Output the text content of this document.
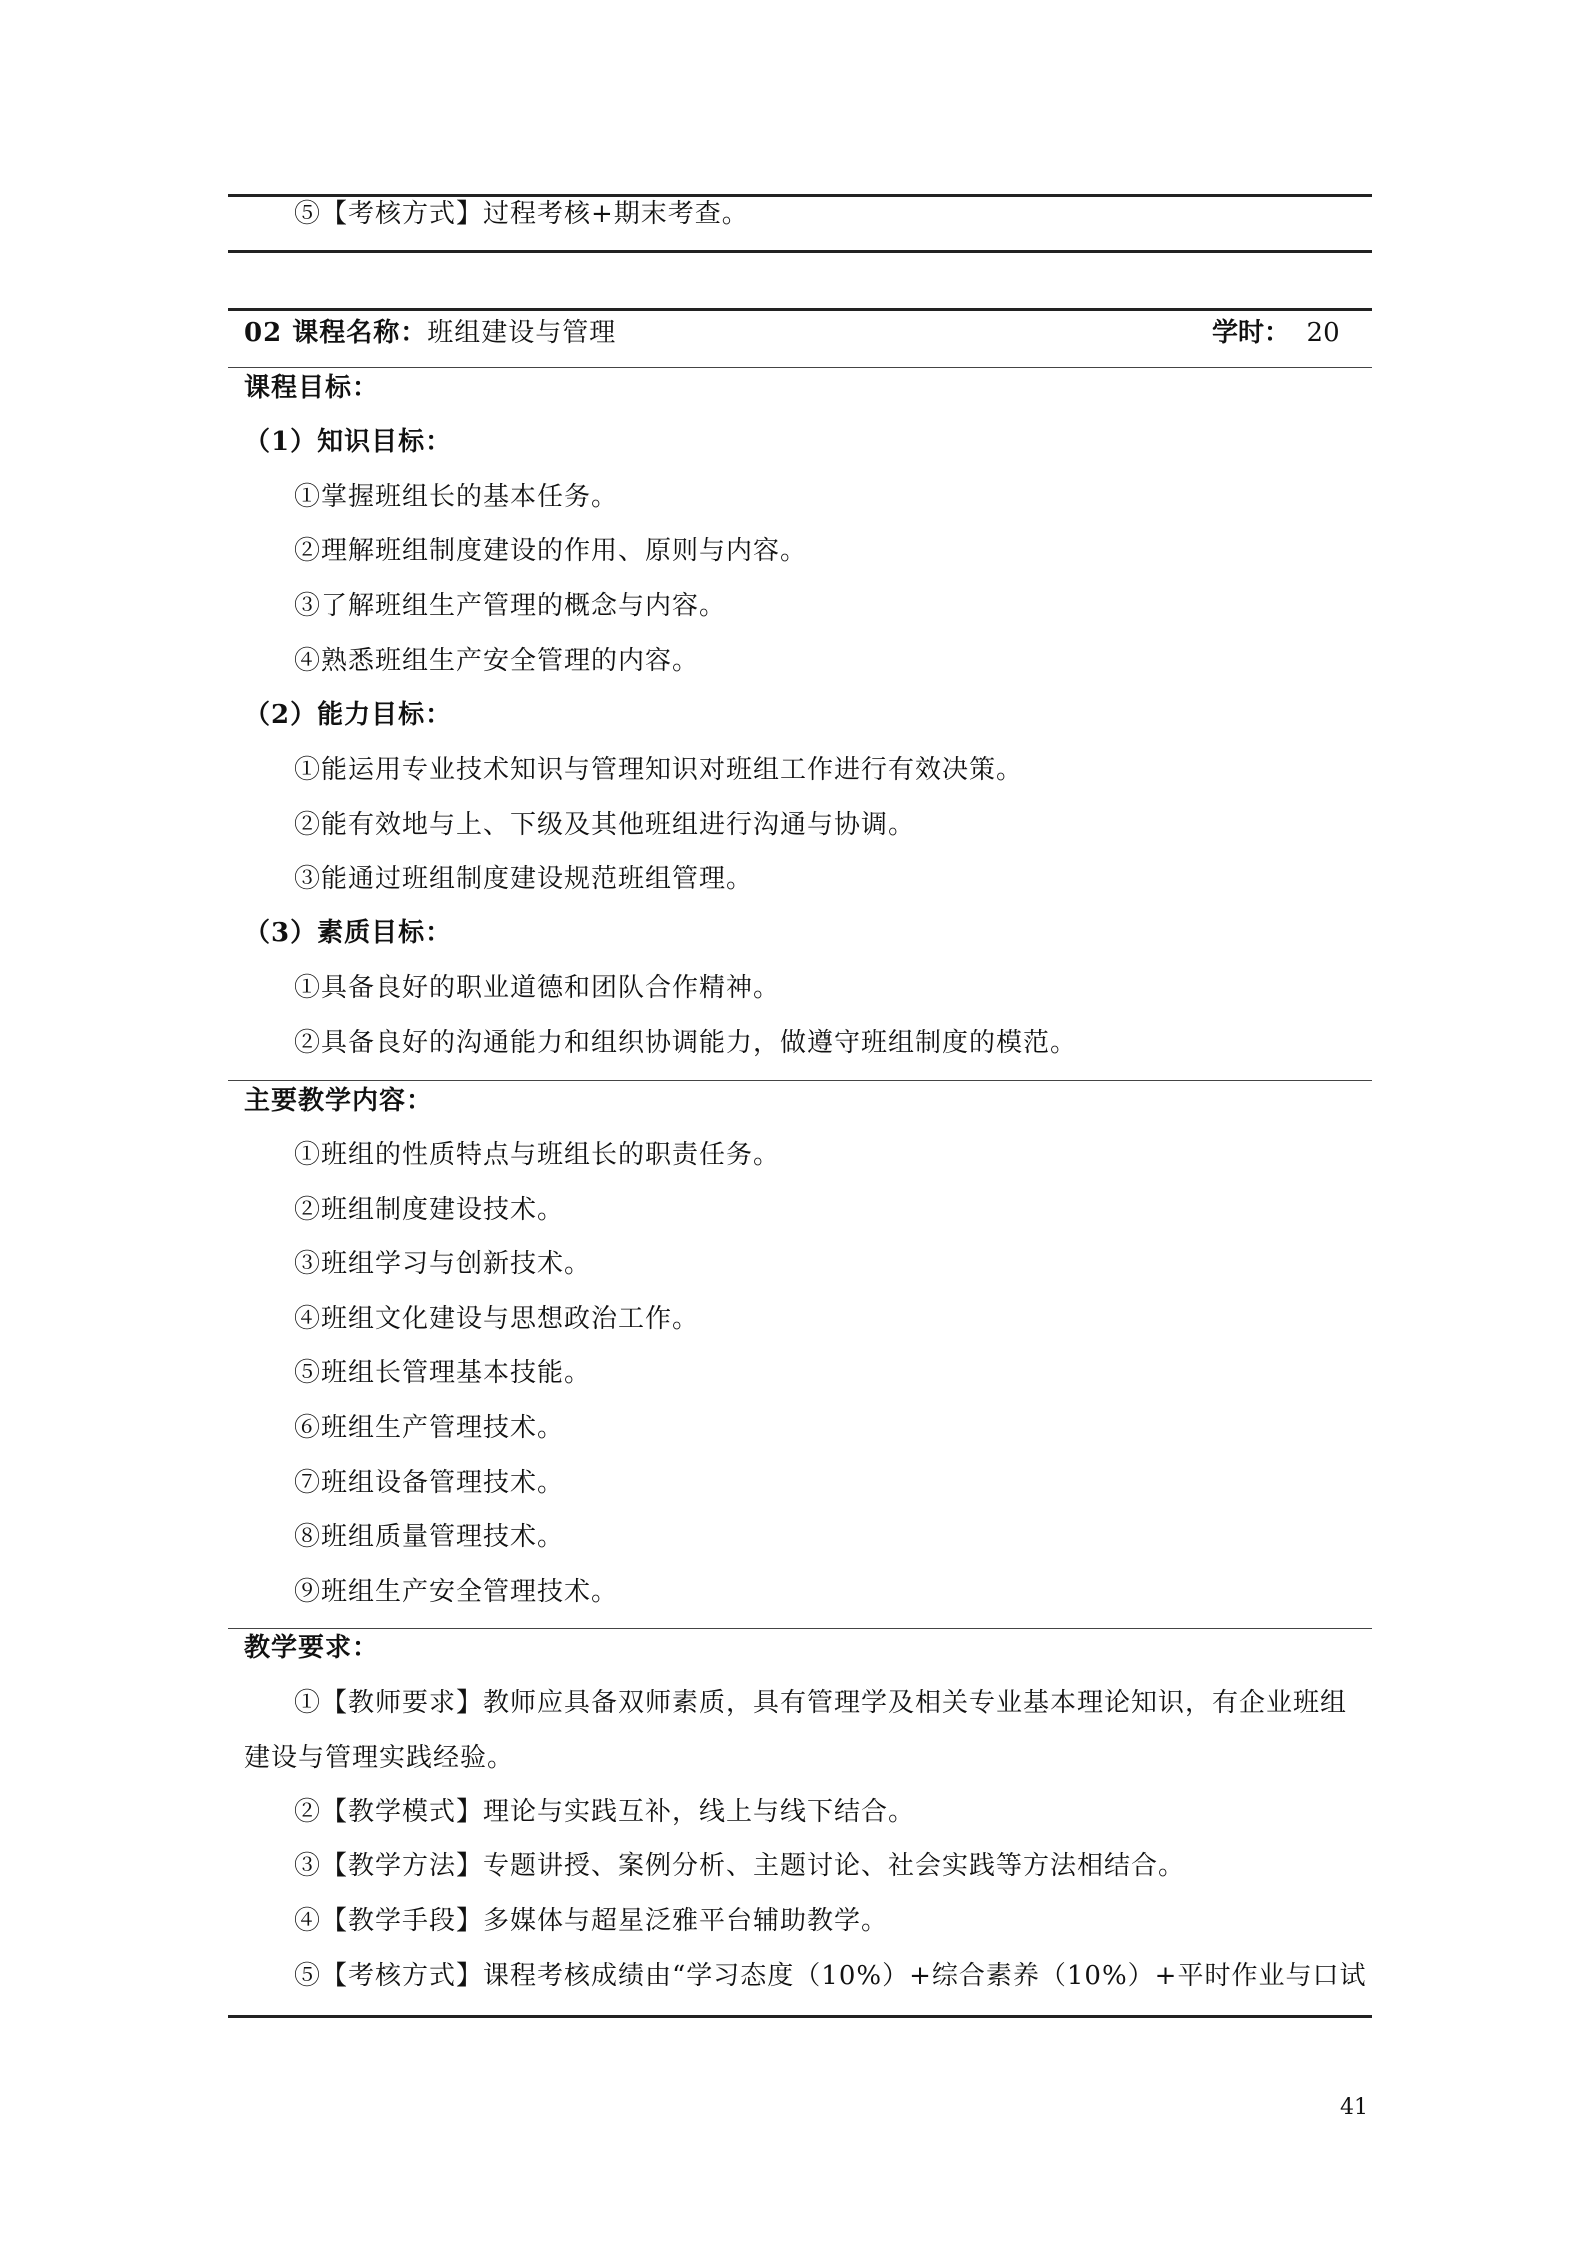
⑤【考核方式】过程考核+期末考查。
02 课程名称：班组建设与管理	学时： 20
课程目标：
（1）知识目标：
①掌握班组长的基本任务。
②理解班组制度建设的作用、原则与内容。
③了解班组生产管理的概念与内容。
④熟悉班组生产安全管理的内容。
（2）能力目标：
①能运用专业技术知识与管理知识对班组工作进行有效决策。
②能有效地与上、下级及其他班组进行沟通与协调。
③能通过班组制度建设规范班组管理。
（3）素质目标：
①具备良好的职业道德和团队合作精神。
②具备良好的沟通能力和组织协调能力，做遵守班组制度的模范。
主要教学内容：
①班组的性质特点与班组长的职责任务。
②班组制度建设技术。
③班组学习与创新技术。
④班组文化建设与思想政治工作。
⑤班组长管理基本技能。
⑥班组生产管理技术。
⑦班组设备管理技术。
⑧班组质量管理技术。
⑨班组生产安全管理技术。
教学要求：
①【教师要求】教师应具备双师素质，具有管理学及相关专业基本理论知识，有企业班组建设与管理实践经验。
②【教学模式】理论与实践互补，线上与线下结合。
③【教学方法】专题讲授、案例分析、主题讨论、社会实践等方法相结合。
④【教学手段】多媒体与超星泛雅平台辅助教学。
⑤【考核方式】课程考核成绩由“学习态度（10%）+综合素养（10%）+平时作业与口试
41
